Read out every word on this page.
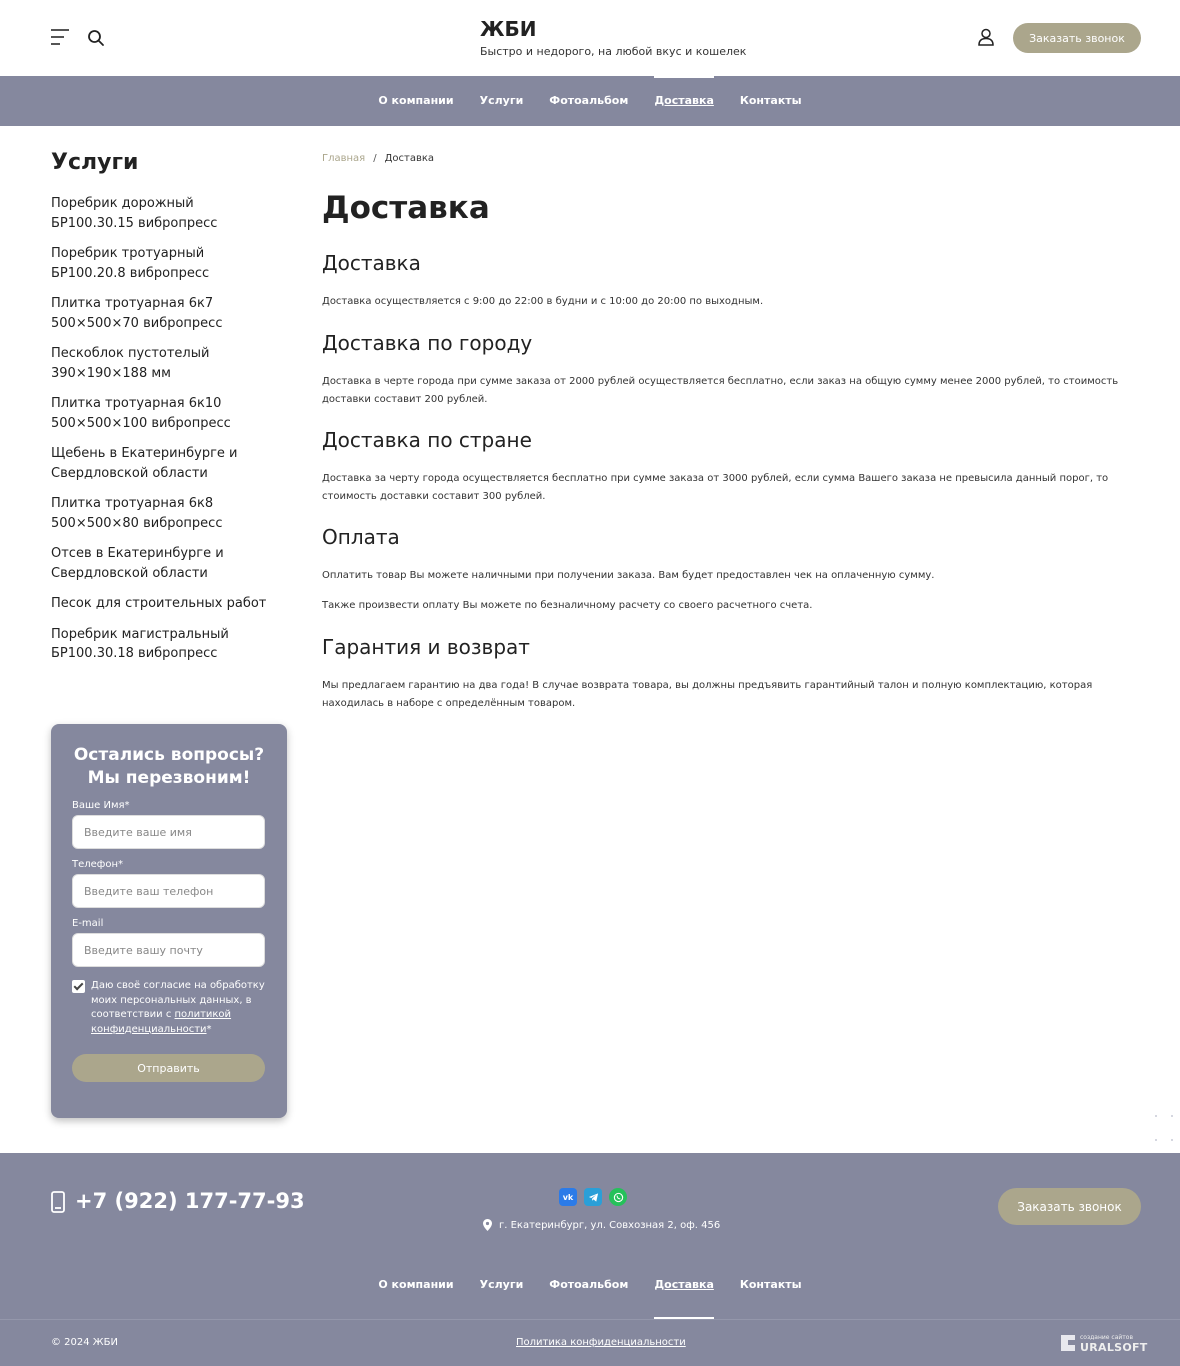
ЖБИ
Быстро и недорого, на любой вкус и кошелек
Заказать звонок
О компании Услуги Фотоальбом Доставка Контакты
Услуги
Поребрик дорожный БР100.30.15 вибропресс
Поребрик тротуарный БР100.20.8 вибропресс
Плитка тротуарная 6к7 500×500×70 вибропресс
Пескоблок пустотелый 390×190×188 мм
Плитка тротуарная 6к10 500×500×100 вибропресс
Щебень в Екатеринбурге и Свердловской области
Плитка тротуарная 6к8 500×500×80 вибропресс
Отсев в Екатеринбурге и Свердловской области
Песок для строительных работ
Поребрик магистральный БР100.30.18 вибропресс
Остались вопросы? Мы перезвоним!
Ваше Имя*
Введите ваше имя
Телефон*
Введите ваш телефон
E-mail
Введите вашу почту
Даю своё согласие на обработку моих персональных данных, в соответствии с политикой конфиденциальности*
Отправить
Главная / Доставка
Доставка
Доставка

Доставка осуществляется с 9:00 до 22:00 в будни и с 10:00 до 20:00 по выходным.

Доставка по городу

Доставка в черте города при сумме заказа от 2000 рублей осуществляется бесплатно, если заказ на общую сумму менее 2000 рублей, то стоимость доставки составит 200 рублей.

Доставка по стране

Доставка за черту города осуществляется бесплатно при сумме заказа от 3000 рублей, если сумма Вашего заказа не превысила данный порог, то стоимость доставки составит 300 рублей.

Оплата

Оплатить товар Вы можете наличными при получении заказа. Вам будет предоставлен чек на оплаченную сумму.

Также произвести оплату Вы можете по безналичному расчету со своего расчетного счета.

Гарантия и возврат

Мы предлагаем гарантию на два года! В случае возврата товара, вы должны предъявить гарантийный талон и полную комплектацию, которая находилась в наборе с определённым товаром.

+7 (922) 177-77-93	vk
г. Екатеринбург, ул. Совхозная 2, оф. 456
Заказать звонок
О компании Услуги Фотоальбом Доставка Контакты
© 2024 ЖБИ	Политика конфиденциальности	создание сайтов
URALSOFT
